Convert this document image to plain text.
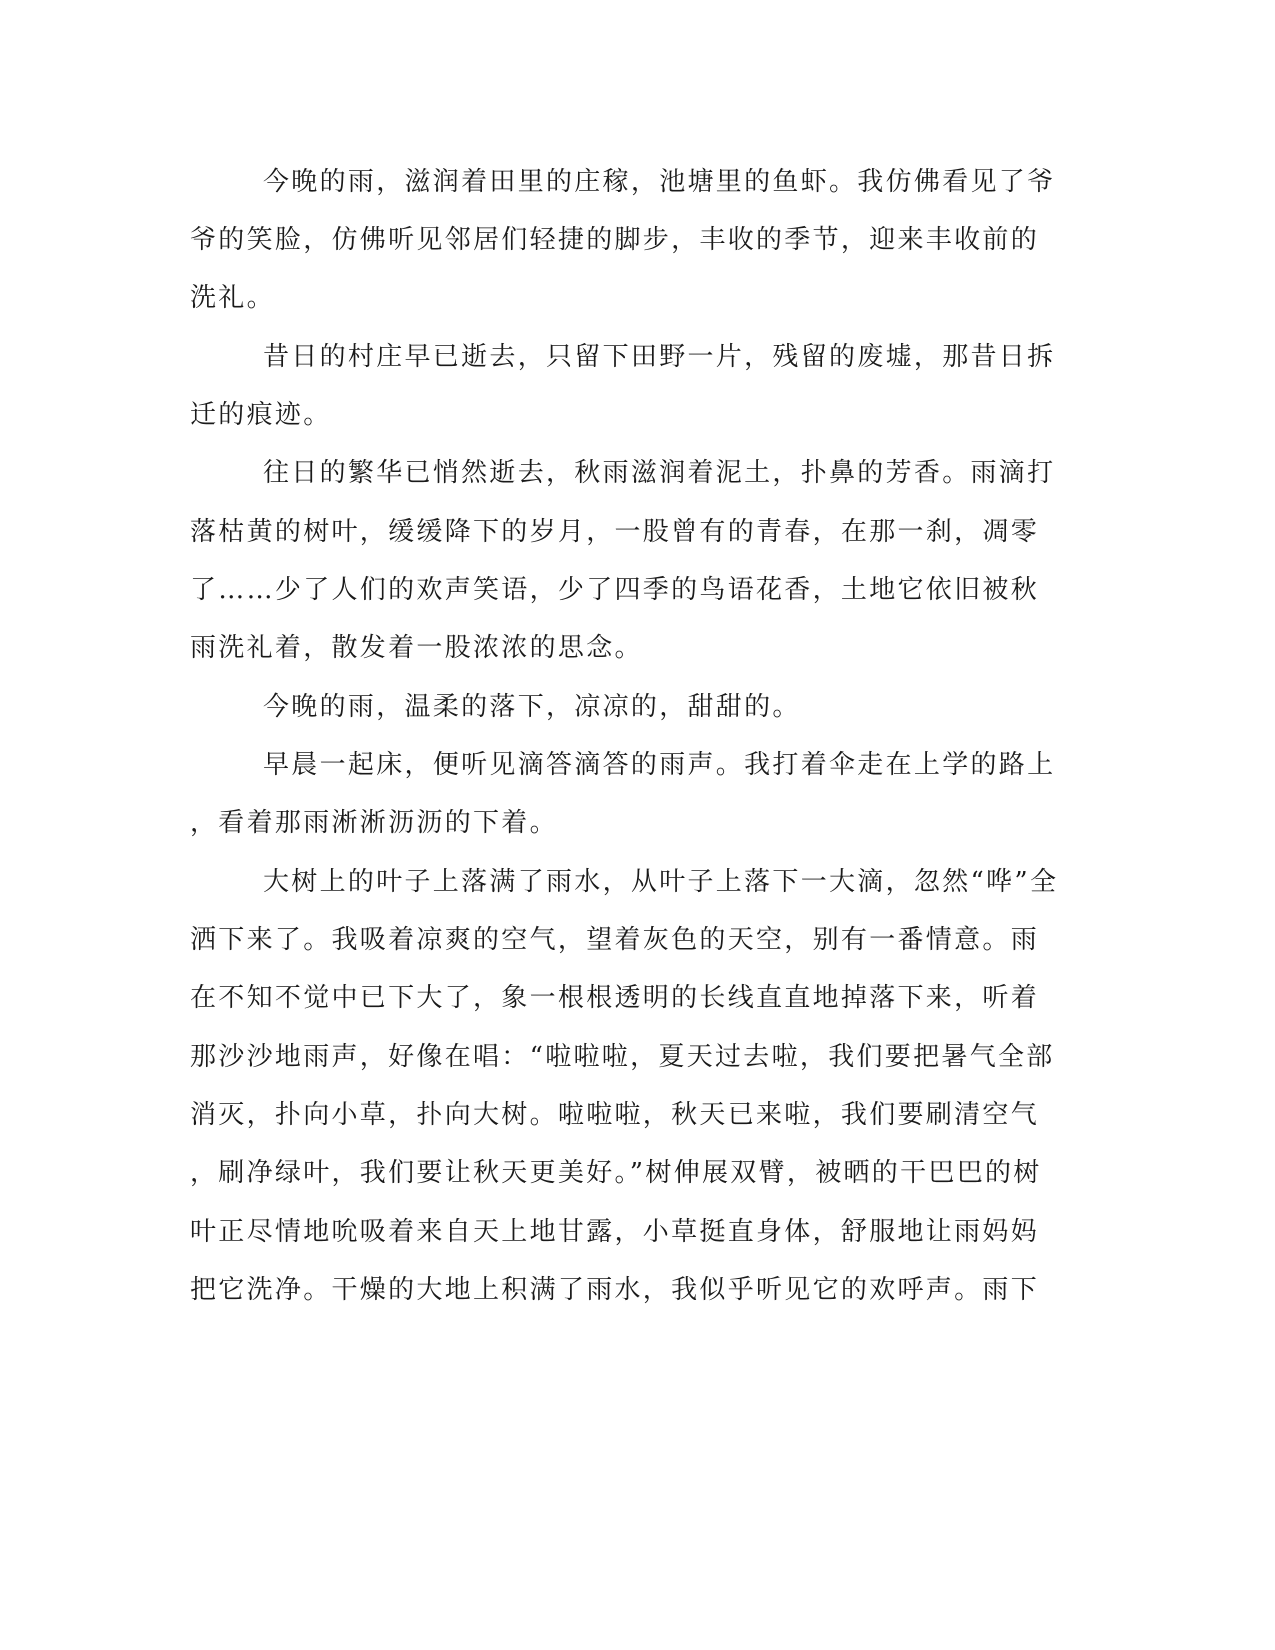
今晚的雨，滋润着田里的庄稼，池塘里的鱼虾。我仿佛看见了爷
爷的笑脸，仿佛听见邻居们轻捷的脚步，丰收的季节，迎来丰收前的
洗礼。
昔日的村庄早已逝去，只留下田野一片，残留的废墟，那昔日拆
迁的痕迹。
往日的繁华已悄然逝去，秋雨滋润着泥土，扑鼻的芳香。雨滴打
落枯黄的树叶，缓缓降下的岁月，一股曾有的青春，在那一刹，凋零
了……少了人们的欢声笑语，少了四季的鸟语花香，土地它依旧被秋
雨洗礼着，散发着一股浓浓的思念。
今晚的雨，温柔的落下，凉凉的，甜甜的。
早晨一起床，便听见滴答滴答的雨声。我打着伞走在上学的路上
，看着那雨淅淅沥沥的下着。
大树上的叶子上落满了雨水，从叶子上落下一大滴，忽然“哗”全
洒下来了。我吸着凉爽的空气，望着灰色的天空，别有一番情意。雨
在不知不觉中已下大了，象一根根透明的长线直直地掉落下来，听着
那沙沙地雨声，好像在唱：“啦啦啦，夏天过去啦，我们要把暑气全部
消灭，扑向小草，扑向大树。啦啦啦，秋天已来啦，我们要刷清空气
，刷净绿叶，我们要让秋天更美好。”树伸展双臂，被晒的干巴巴的树
叶正尽情地吮吸着来自天上地甘露，小草挺直身体，舒服地让雨妈妈
把它洗净。干燥的大地上积满了雨水，我似乎听见它的欢呼声。雨下
